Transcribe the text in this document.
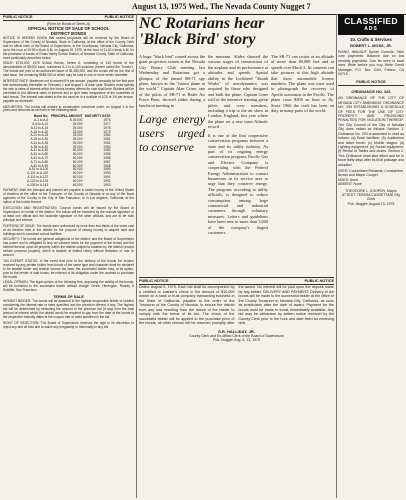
August 13, 1975 Wed., The Nevada County Nugget 7
PUBLIC NOTICE	PUBLIC NOTICE
(Form for Bonds of Series A)
OFFICIAL NOTICE OF SALE OF SCHOOL
DISTRICT BONDS
NOTICE IS HEREBY GIVEN that sealed proposals will be received by the Board of Supervisors of the County of Nevada, State of California, at the office of the County Clerk and ex officio clerk of the Board of Supervisors, in the Courthouse, Nevada City, California, up to the hour of 10:00 o'clock A.M. on August 19, 1975, at the hour of 11:00 o'clock A.M. for the purchase of bonds of Grass Valley School District, of Nevada County, State of California, more particularly described below.
ISSUE: $715,000, 1975 School Bonds, Series A, consisting of 143 bonds of the denomination of $5,000 each, numbered A-1 to A-143 inclusive (herein called the "bonds"). The bonds are part of an authorized issue of $1,280,000, and the bonds will be the first of said issue, the remaining $565,000 of which may be sold in one or more series hereafter.
INTEREST RATE: Maximum not to exceed 8% per annum, payable annually for the first year and semiannually thereafter on February 1 and August 1 of each year. Bidders must specify the rate or rates of interest which the bonds hereby offered for sale shall bear. Bidders will be permitted to bid different rates of interest and to split rates irrespective of the maturities of said bonds. The interest rate stated in the bid must be in a multiple of 1/20 of 1% per annum, payable as aforesaid.
MATURITIES: The bonds will mature in consecutive numerical order, on August 1 in the years and amounts as set forth in the following table:
Bond No.	PRINCIPAL AMOUNT	MATURITY DATE
A-1 to A-5	$ 25,000	1976
A-6 to A-10	25,000	1977
A-11 to A-15	25,000	1978
A-16 to A-20	25,000	1979
A-21 to A-25	25,000	1980
A-26 to A-30	25,000	1981
A-31 to A-35	25,000	1982
A-36 to A-40	25,000	1983
A-41 to A-50	50,000	1984
A-51 to A-60	50,000	1985
A-61 to A-70	50,000	1986
A-71 to A-80	50,000	1987
A-81 to A-90	50,000	1988
A-91 to A-100	50,000	1989
A-101 to A-110	50,000	1990
A-111 to A-122	60,000	1991
A-123 to A-134	60,000	1992
A-135 to A-143	45,000	1993
PAYMENT: Both the principal and interest are payable in lawful money of the United States of America at the office of the Treasurer of the County of Nevada or at any of the fiscal agencies of the County in the City of San Francisco, or in Los Angeles, California, at the option of the holder thereof.
EXECUTION AND REGISTRATION: Coupon bonds will be issued by the Board of Supervisors on behalf of the district. The bonds will be executed by the manual signature of at least one official and the facsimile signature of the other officials, and are to be both principal and interest.
PURPOSE OF ISSUE: The bonds were authorized by more than two-thirds of the votes cast at an election held in the district for the purpose of raising money to acquire land and buildings and to construct school facilities.
SECURITY: The bonds are general obligations of the district, and the Board of Supervisors has power and is obligated to levy ad valorem taxes for the payment of the bonds and the interest thereon upon all property within the district subject to taxation by the district (except certain personal property, which is taxable at limited rates) without limitation of rate or amount.
TAX EXEMPT STATUS: In the event that prior to the delivery of the bonds the income received by any private holder from bonds of the same type and character shall be declared to be taxable under any federal income tax laws, the successful bidder may, at its option, prior to the tender of said bonds, be relieved of its obligation under the contract to purchase the bonds.
LEGAL OPINION: The legal opinion of the following firm, approving the validity of the bonds, will be furnished to the successful bidder without charge: Orrick, Herrington, Rowley & Sutcliffe, San Francisco.
TERMS OF SALE
HIGHEST BIDDER: The bonds will be awarded to the highest responsible bidder or bidders considering the interest rate or rates specified and the premium offered, if any. The highest bid will be determined by deducting the amount of the premium bid (if any) from the total amount of interest which the district would be required to pay from the date of the bonds to the respective maturity dates at the coupon rate or rates specified in the bid.
RIGHT OF REJECTION: The Board of Supervisors reserves the right in its discretion to reject any and all bids and to waive any irregularity or informality in any bid.
NC Rotarians hear
'Black Bird' story
A huge "black bird" roared across the giant projection screen at the Nevada City Rotary Club meeting last Wednesday and Rotarians got a glimpse of the famed SR-71 spy plane, known as the "fastest plane in the world." Captain Alan Crine, one of the pilots of SR-71 at Beale Air Force Base, showed slides during a luncheon meeting in
Large energy users urged to conserve
the museum. Slides showed the various stages of construction of the airplane and its performance at altitudes and speeds. Spatial ability in the Lockheed "Skunk Works" of aerodynamics was required by those who designed and built the plane. Captain Crine told of the intensive training given pilots and crew members, including a trip to the air show in London, England, last year where the plane set a new trans-Atlantic record.
It is one of the first cooperative conservation programs between a state and its utility industry. As part of its ongoing energy conservation program, Pacific Gas and Electric Company is cooperating with the Federal Energy Administration to contact businesses in its service area to urge that they conserve energy. The program, according to utility officials, is designed to reduce consumption among large commercial and industrial customers through voluntary measures. Letters and guidelines have been sent to more than 3,000 of the company's largest customers.
The SR-71 can cruise at an altitude of more than 80,000 feet and at speeds over Mach 3. Its cameras can take pictures at this high altitude that show automobile license numbers. The plane was once used to photograph the recovery of Apollo astronauts in the Pacific. The plane costs $300 an hour to fly. Since 1966 the craft has been on duty in many parts of the world.
PUBLIC NOTICE	PUBLIC NOTICE
Dated: August 6, 1975. Each bid shall be accompanied by a certified or cashier's check in the amount of $10,000 drawn on a bank or trust company transacting business in the State of California, payable to the order of the Treasurer of the County of Nevada, to secure the district from any loss resulting from the failure of the bidder to comply with the terms of its bid. The check of the successful bidder will be applied to the purchase price of the bonds; all other checks will be returned promptly after the award. No interest will be paid upon the deposit made by any bidder. DELIVERY AND PAYMENT: Delivery of the bonds will be made to the successful bidder at the office of the County Treasurer in Nevada City, California, as soon as practicable after the date of award. Payment for the bonds must be made in funds immediately available. Any bid may be withdrawn by written notice received by the County Clerk prior to the hour and date fixed for receiving bids.
S.R. HALLIDAY, JR.
County Clerk and Ex-officio Clerk of the Board of Supervisors
Pub. Nugget: Aug. 6, 13, 1975
CLASSIFIED
ADS
10. Crafts & Services
ROBERT L. MOSS, JR.
PIANO, WALNUT Spinet Console. Take over payments. Balance due on low monthly payments. Can be seen in local area. Write before you buy. Write Credit Manager, P.O. Box 1104, Fresno, CA 93715.
PUBLIC NOTICE
ORDINANCE NO. 326
AN ORDINANCE OF THE CITY OF NEVADA CITY AMENDING ORDINANCE NO. 293 ESTABLISHING A SCHEDULE OF FEES FOR THE USE OF CITY PROPERTY AND PROVIDING PENALTIES FOR VIOLATION THEREOF. The City Council of the City of Nevada City does ordain as follows: Section 1. Ordinance No. 293 is amended to read as follows: (a) Bowl facilities: (b) Auditorium and ticket booth: (c) Mobile stages: (d) Lighting equipment: (e) Sound equipment: (f) Rental of Tables and chairs. Section 2. This Ordinance shall take effect and be in force thirty days after its final passage and adoption.
AYES: Councilmen Richards, Constantine, Brown and Mayor Cooper
NOES: None
ABSENT: None
THEODORE L. COOPER, Mayor
ATTEST: TERESA CASSETTARI City Clerk
Pub. Nugget: August 13, 1975
